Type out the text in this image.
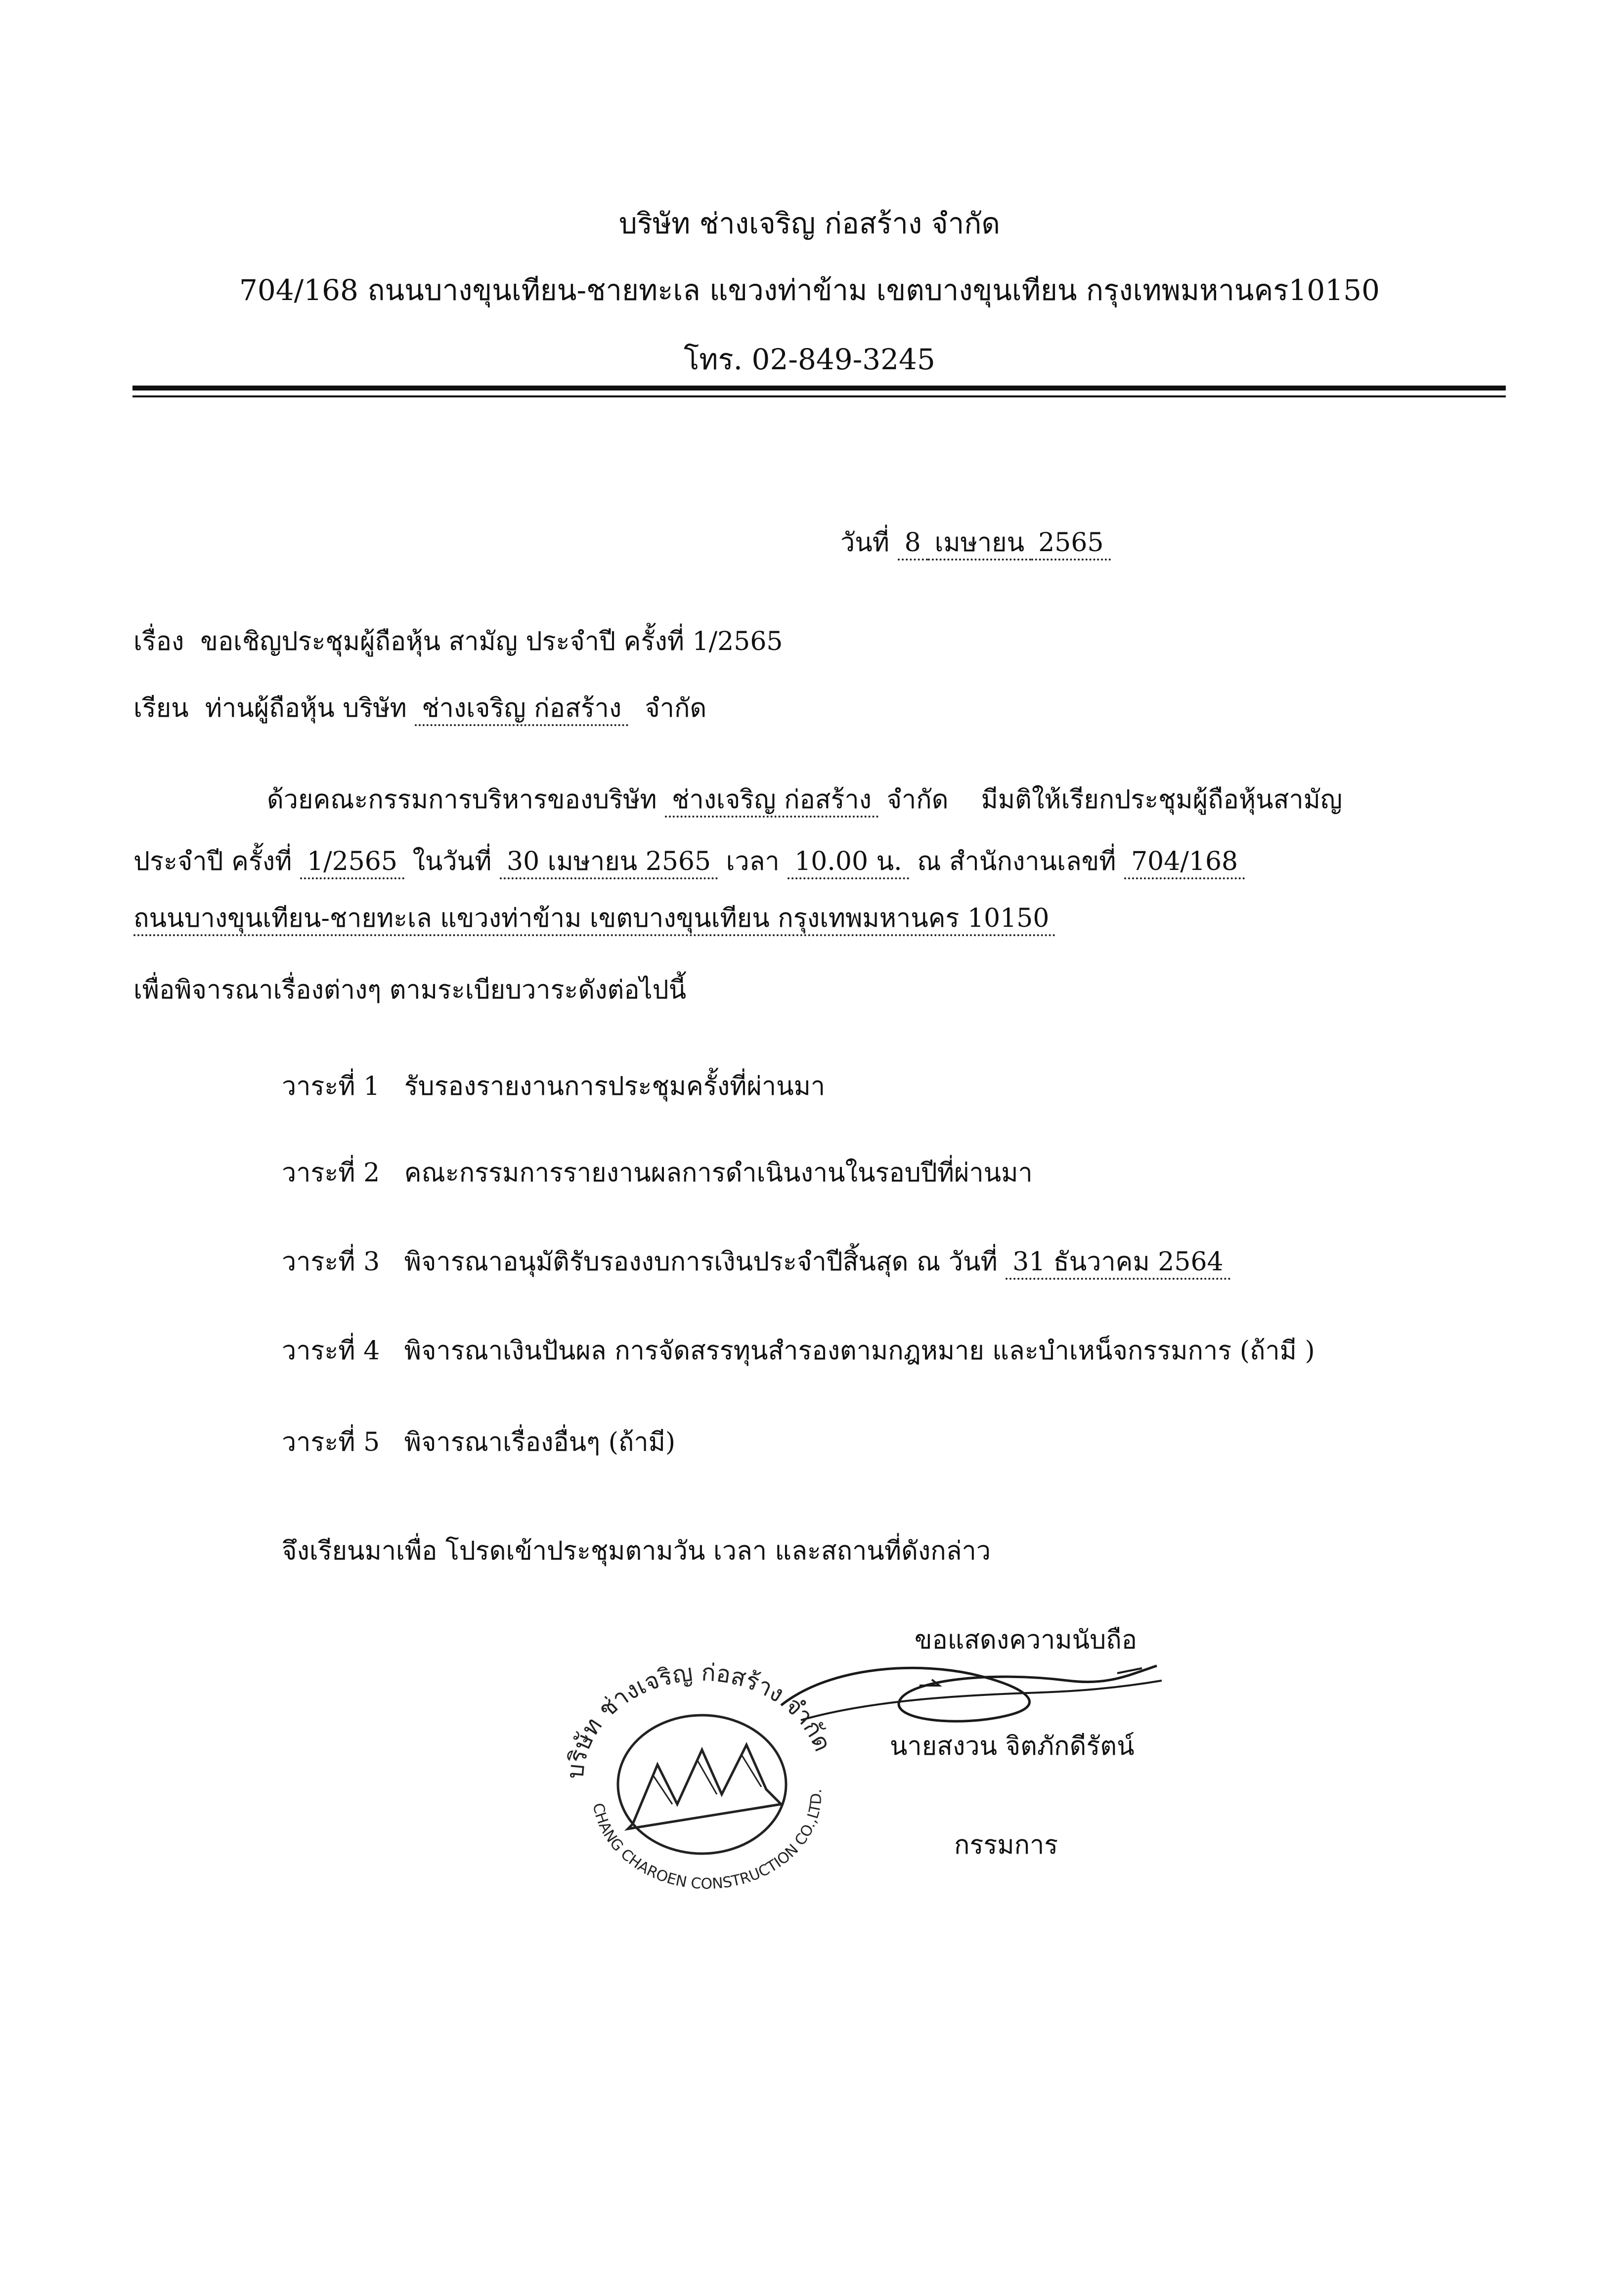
บริษัท ช่างเจริญ ก่อสร้าง จำกัด
704/168 ถนนบางขุนเทียน-ชายทะเล แขวงท่าข้าม เขตบางขุนเทียน กรุงเทพมหานคร10150
โทร. 02-849-3245
วันที่ 8 เมษายน 2565
เรื่อง ขอเชิญประชุมผู้ถือหุ้น สามัญ ประจำปี ครั้งที่ 1/2565
เรียน ท่านผู้ถือหุ้น บริษัท ช่างเจริญ ก่อสร้าง จำกัด
ด้วยคณะกรรมการบริหารของบริษัท ช่างเจริญ ก่อสร้าง จำกัด มีมติให้เรียกประชุมผู้ถือหุ้นสามัญ
ประจำปี ครั้งที่ 1/2565 ในวันที่ 30 เมษายน 2565 เวลา 10.00 น. ณ สำนักงานเลขที่ 704/168
ถนนบางขุนเทียน-ชายทะเล แขวงท่าข้าม เขตบางขุนเทียน กรุงเทพมหานคร 10150
เพื่อพิจารณาเรื่องต่างๆ ตามระเบียบวาระดังต่อไปนี้
วาระที่ 1 รับรองรายงานการประชุมครั้งที่ผ่านมา
วาระที่ 2 คณะกรรมการรายงานผลการดำเนินงานในรอบปีที่ผ่านมา
วาระที่ 3 พิจารณาอนุมัติรับรองงบการเงินประจำปีสิ้นสุด ณ วันที่ 31 ธันวาคม 2564
วาระที่ 4 พิจารณาเงินปันผล การจัดสรรทุนสำรองตามกฎหมาย และบำเหน็จกรรมการ (ถ้ามี )
วาระที่ 5 พิจารณาเรื่องอื่นๆ (ถ้ามี)
จึงเรียนมาเพื่อ โปรดเข้าประชุมตามวัน เวลา และสถานที่ดังกล่าว
ขอแสดงความนับถือ
นายสงวน จิตภักดีรัตน์
กรรมการ
บริษัท ช่างเจริญ ก่อสร้าง จำกัด
CHANG CHAROEN CONSTRUCTION CO.,LTD.
